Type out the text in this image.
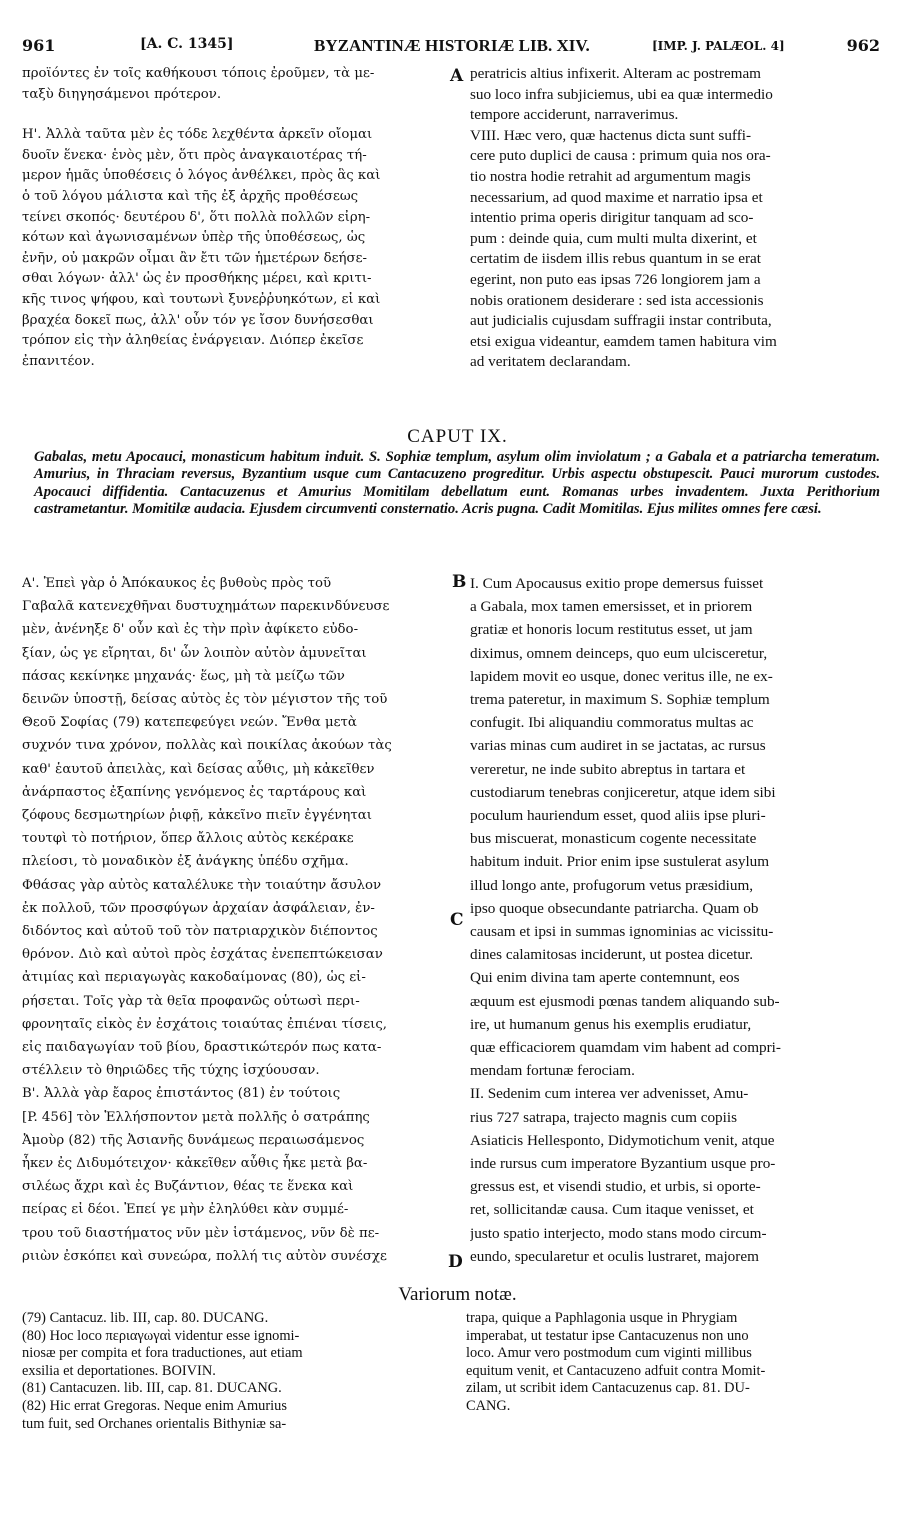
961	[A. C. 1345]	BYZANTINÆ HISTORIÆ LIB. XIV.	[IMP. J. PALÆOL. 4]	962
προϊόντες ἐν τοῖς καθήκουσι τόποις ἐροῦμεν, τὰ με-
ταξὺ διηγησάμενοι πρότερον.
Η'. Ἀλλὰ ταῦτα μὲν ἐς τόδε λεχθέντα ἀρκεῖν οἴομαι
δυοῖν ἕνεκα· ἑνὸς μὲν, ὅτι πρὸς ἀναγκαιοτέρας τή-
μερον ἡμᾶς ὑποθέσεις ὁ λόγος ἀνθέλκει, πρὸς ἃς καὶ
ὁ τοῦ λόγου μάλιστα καὶ τῆς ἐξ ἀρχῆς προθέσεως
τείνει σκοπός· δευτέρου δ', ὅτι πολλὰ πολλῶν εἰρη-
κότων καὶ ἀγωνισαμένων ὑπὲρ τῆς ὑποθέσεως, ὡς
ἐνῆν, οὐ μακρῶν οἶμαι ἂν ἔτι τῶν ἡμετέρων δεήσε-
σθαι λόγων· ἀλλ' ὡς ἐν προσθήκης μέρει, καὶ κριτι-
κῆς τινος ψήφου, καὶ τουτωνὶ ξυνεῤῥυηκότων, εἰ καὶ
βραχέα δοκεῖ πως, ἀλλ' οὖν τόν γε ἴσον δυνήσεσθαι
τρόπον εἰς τὴν ἀληθείας ἐνάργειαν. Διόπερ ἐκεῖσε
ἐπανιτέον.
peratricis altius infixerit. Alteram ac postremam
suo loco infra subjiciemus, ubi ea quæ intermedio
tempore acciderunt, narraverimus.
VIII. Hæc vero, quæ hactenus dicta sunt suffi-
cere puto duplici de causa : primum quia nos ora-
tio nostra hodie retrahit ad argumentum magis
necessarium, ad quod maxime et narratio ipsa et
intentio prima operis dirigitur tanquam ad sco-
pum : deinde quia, cum multi multa dixerint, et
certatim de iisdem illis rebus quantum in se erat
egerint, non puto eas ipsas 726 longiorem jam a
nobis orationem desiderare : sed ista accessionis
aut judicialis cujusdam suffragii instar contributa,
etsi exigua videantur, eamdem tamen habitura vim
ad veritatem declarandam.
A
CAPUT IX.
Gabalas, metu Apocauci, monasticum habitum induit. S. Sophiæ templum, asylum olim inviolatum ; a Gabala et a patriarcha temeratum. Amurius, in Thraciam reversus, Byzantium usque cum Cantacuzeno progreditur. Urbis aspectu obstupescit. Pauci murorum custodes. Apocauci diffidentia. Cantacuzenus et Amurius Momitilam debellatum eunt. Romanas urbes invadentem. Juxta Perithorium castrametantur. Momitilæ audacia. Ejusdem circumventi consternatio. Acris pugna. Cadit Momitilas. Ejus milites omnes fere cæsi.
Α'. Ἐπεὶ γὰρ ὁ Ἀπόκαυκος ἐς βυθοὺς πρὸς τοῦ
Γαβαλᾶ κατενεχθῆναι δυστυχημάτων παρεκινδύνευσε
μὲν, ἀνένηξε δ' οὖν καὶ ἐς τὴν πρὶν ἀφίκετο εὐδο-
ξίαν, ὡς γε εἴρηται, δι' ὧν λοιπὸν αὐτὸν ἀμυνεῖται
πάσας κεκίνηκε μηχανάς· ἕως, μὴ τὰ μείζω τῶν
δεινῶν ὑποστῇ, δείσας αὐτὸς ἐς τὸν μέγιστον τῆς τοῦ
Θεοῦ Σοφίας (79) κατεπεφεύγει νεών. Ἔνθα μετὰ
συχνόν τινα χρόνον, πολλὰς καὶ ποικίλας ἀκούων τὰς
καθ' ἑαυτοῦ ἀπειλὰς, καὶ δείσας αὖθις, μὴ κἀκεῖθεν
ἀνάρπαστος ἐξαπίνης γενόμενος ἐς ταρτάρους καὶ
ζόφους δεσμωτηρίων ῥιφῇ, κἀκεῖνο πιεῖν ἐγγένηται
τουτφὶ τὸ ποτήριον, ὅπερ ἄλλοις αὐτὸς κεκέρακε
πλείοσι, τὸ μοναδικὸν ἐξ ἀνάγκης ὑπέδυ σχῆμα.
Φθάσας γὰρ αὐτὸς καταλέλυκε τὴν τοιαύτην ἄσυλον
ἐκ πολλοῦ, τῶν προσφύγων ἀρχαίαν ἀσφάλειαν, ἐν-
διδόντος καὶ αὐτοῦ τοῦ τὸν πατριαρχικὸν διέποντος
θρόνον. Διὸ καὶ αὐτοὶ πρὸς ἐσχάτας ἐνεπεπτώκεισαν
ἀτιμίας καὶ περιαγωγὰς κακοδαίμονας (80), ὡς εἰ-
ρήσεται. Τοῖς γὰρ τὰ θεῖα προφανῶς οὑτωσὶ περι-
φρονηταῖς εἰκὸς ἐν ἐσχάτοις τοιαύτας ἐπιέναι τίσεις,
εἰς παιδαγωγίαν τοῦ βίου, δραστικώτερόν πως κατα-
στέλλειν τὸ θηριῶδες τῆς τύχης ἰσχύουσαν.
Β'. Ἀλλὰ γὰρ ἔαρος ἐπιστάντος (81) ἐν τούτοις
[P. 456] τὸν Ἑλλήσποντον μετὰ πολλῆς ὁ σατράπης
Ἀμοὺρ (82) τῆς Ἀσιανῆς δυνάμεως περαιωσάμενος
ἧκεν ἐς Διδυμότειχον· κἀκεῖθεν αὖθις ἧκε μετὰ βα-
σιλέως ἄχρι καὶ ἐς Βυζάντιον, θέας τε ἕνεκα καὶ
πείρας εἰ δέοι. Ἐπεί γε μὴν ἐληλύθει κὰν συμμέ-
τρου τοῦ διαστήματος νῦν μὲν ἱστάμενος, νῦν δὲ πε-
ριιὼν ἐσκόπει καὶ συνεώρα, πολλή τις αὐτὸν συνέσχε
I. Cum Apocausus exitio prope demersus fuisset
a Gabala, mox tamen emersisset, et in priorem
gratiæ et honoris locum restitutus esset, ut jam
diximus, omnem deinceps, quo eum ulcisceretur,
lapidem movit eo usque, donec veritus ille, ne ex-
trema pateretur, in maximum S. Sophiæ templum
confugit. Ibi aliquandiu commoratus multas ac
varias minas cum audiret in se jactatas, ac rursus
vereretur, ne inde subito abreptus in tartara et
custodiarum tenebras conjiceretur, atque idem sibi
poculum hauriendum esset, quod aliis ipse pluri-
bus miscuerat, monasticum cogente necessitate
habitum induit. Prior enim ipse sustulerat asylum
illud longo ante, profugorum vetus præsidium,
ipso quoque obsecundante patriarcha. Quam ob
causam et ipsi in summas ignominias ac vicissitu-
dines calamitosas inciderunt, ut postea dicetur.
Qui enim divina tam aperte contemnunt, eos
æquum est ejusmodi pœnas tandem aliquando sub-
ire, ut humanum genus his exemplis erudiatur,
quæ efficaciorem quamdam vim habent ad compri-
mendam fortunæ ferociam.
II. Sedenim cum interea ver advenisset, Amu-
rius 727 satrapa, trajecto magnis cum copiis
Asiaticis Hellesponto, Didymotichum venit, atque
inde rursus cum imperatore Byzantium usque pro-
gressus est, et visendi studio, et urbis, si oporte-
ret, sollicitandæ causa. Cum itaque venisset, et
justo spatio interjecto, modo stans modo circum-
eundo, specularetur et oculis lustraret, majorem
B
C
D
Variorum notæ.
(79) Cantacuz. lib. III, cap. 80. DUCANG.
(80) Hoc loco περιαγωγαὶ videntur esse ignomi-
niosæ per compita et fora traductiones, aut etiam
exsilia et deportationes. BOIVIN.
(81) Cantacuzen. lib. III, cap. 81. DUCANG.
(82) Hic errat Gregoras. Neque enim Amurius
tum fuit, sed Orchanes orientalis Bithyniæ sa-
trapa, quique a Paphlagonia usque in Phrygiam
imperabat, ut testatur ipse Cantacuzenus non uno
loco. Amur vero postmodum cum viginti millibus
equitum venit, et Cantacuzeno adfuit contra Momit-
zilam, ut scribit idem Cantacuzenus cap. 81. DU-
CANG.
